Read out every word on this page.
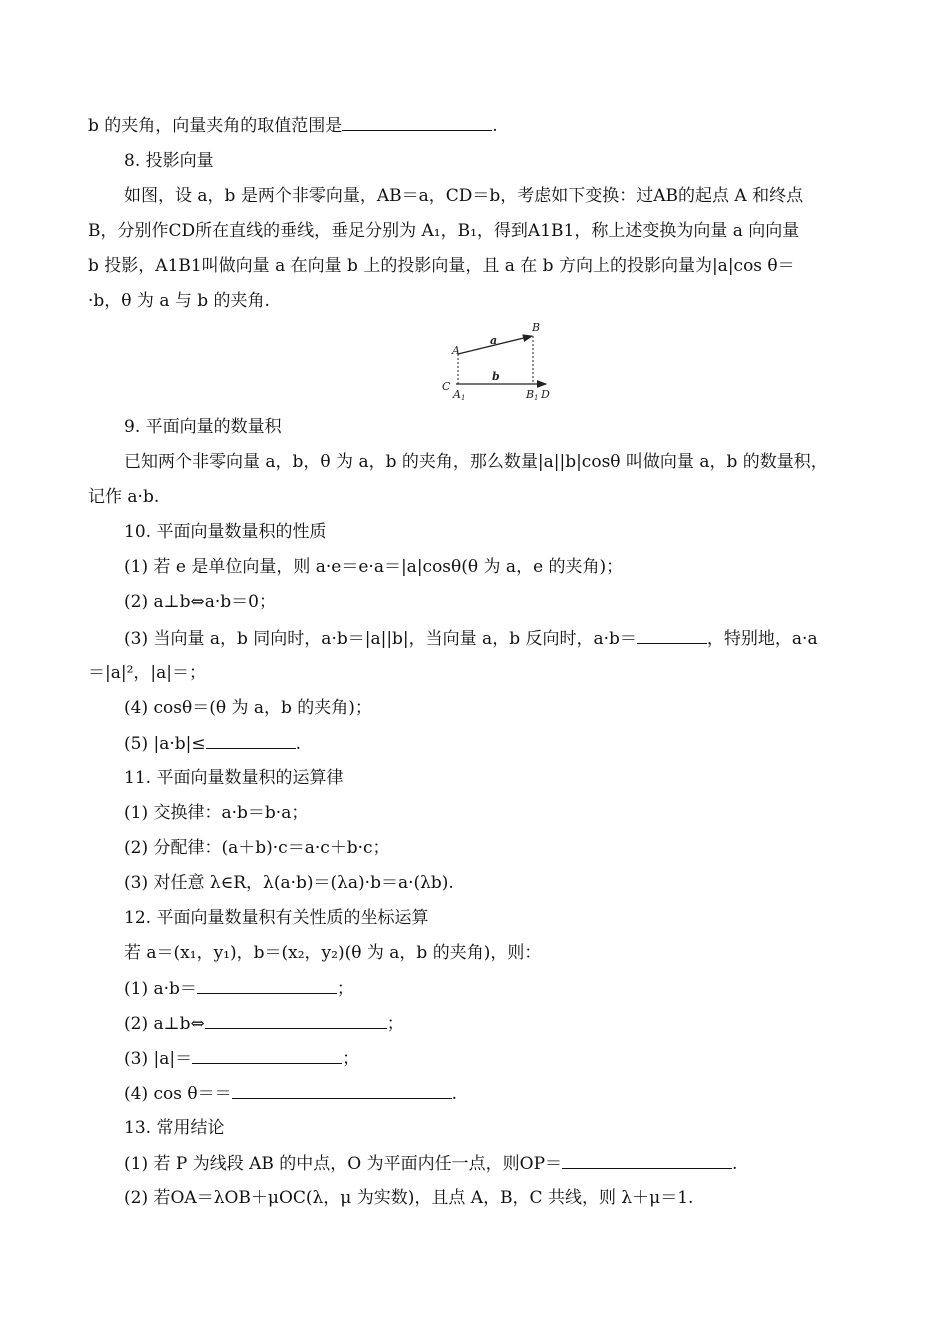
b 的夹角，向量夹角的取值范围是	.
8. 投影向量
如图，设 a，b 是两个非零向量，AB＝a，CD＝b，考虑如下变换：过AB的起点 A 和终点
B，分别作CD所在直线的垂线，垂足分别为 A₁，B₁，得到A1B1，称上述变换为向量 a 向向量
b 投影，A1B1叫做向量 a 在向量 b 上的投影向量，且 a 在 b 方向上的投影向量为|a|cos θ＝
·b，θ 为 a 与 b 的夹角.
A
B
C
D
A 1	B 1
a
b
9. 平面向量的数量积
已知两个非零向量 a，b，θ 为 a，b 的夹角，那么数量|a||b|cosθ 叫做向量 a，b 的数量积，
记作 a·b.
10. 平面向量数量积的性质
(1) 若 e 是单位向量，则 a·e＝e·a＝|a|cosθ(θ 为 a，e 的夹角)；
(2) a⊥b⇔a·b＝0；
(3) 当向量 a，b 同向时，a·b＝|a||b|，当向量 a，b 反向时，a·b＝	，特别地，a·a
＝|a|²，|a|＝；
(4) cosθ＝(θ 为 a，b 的夹角)；
(5) |a·b|≤	.
11. 平面向量数量积的运算律
(1) 交换律：a·b＝b·a；
(2) 分配律：(a＋b)·c＝a·c＋b·c；
(3) 对任意 λ∈R，λ(a·b)＝(λa)·b＝a·(λb).
12. 平面向量数量积有关性质的坐标运算
若 a＝(x₁，y₁)，b＝(x₂，y₂)(θ 为 a，b 的夹角)，则：
(1) a·b＝	；
(2) a⊥b⇔	；
(3) |a|＝	；
(4) cos θ＝＝	.
13. 常用结论
(1) 若 P 为线段 AB 的中点，O 为平面内任一点，则OP＝	.
(2) 若OA＝λOB＋μOC(λ，μ 为实数)，且点 A，B，C 共线，则 λ＋μ＝1.
